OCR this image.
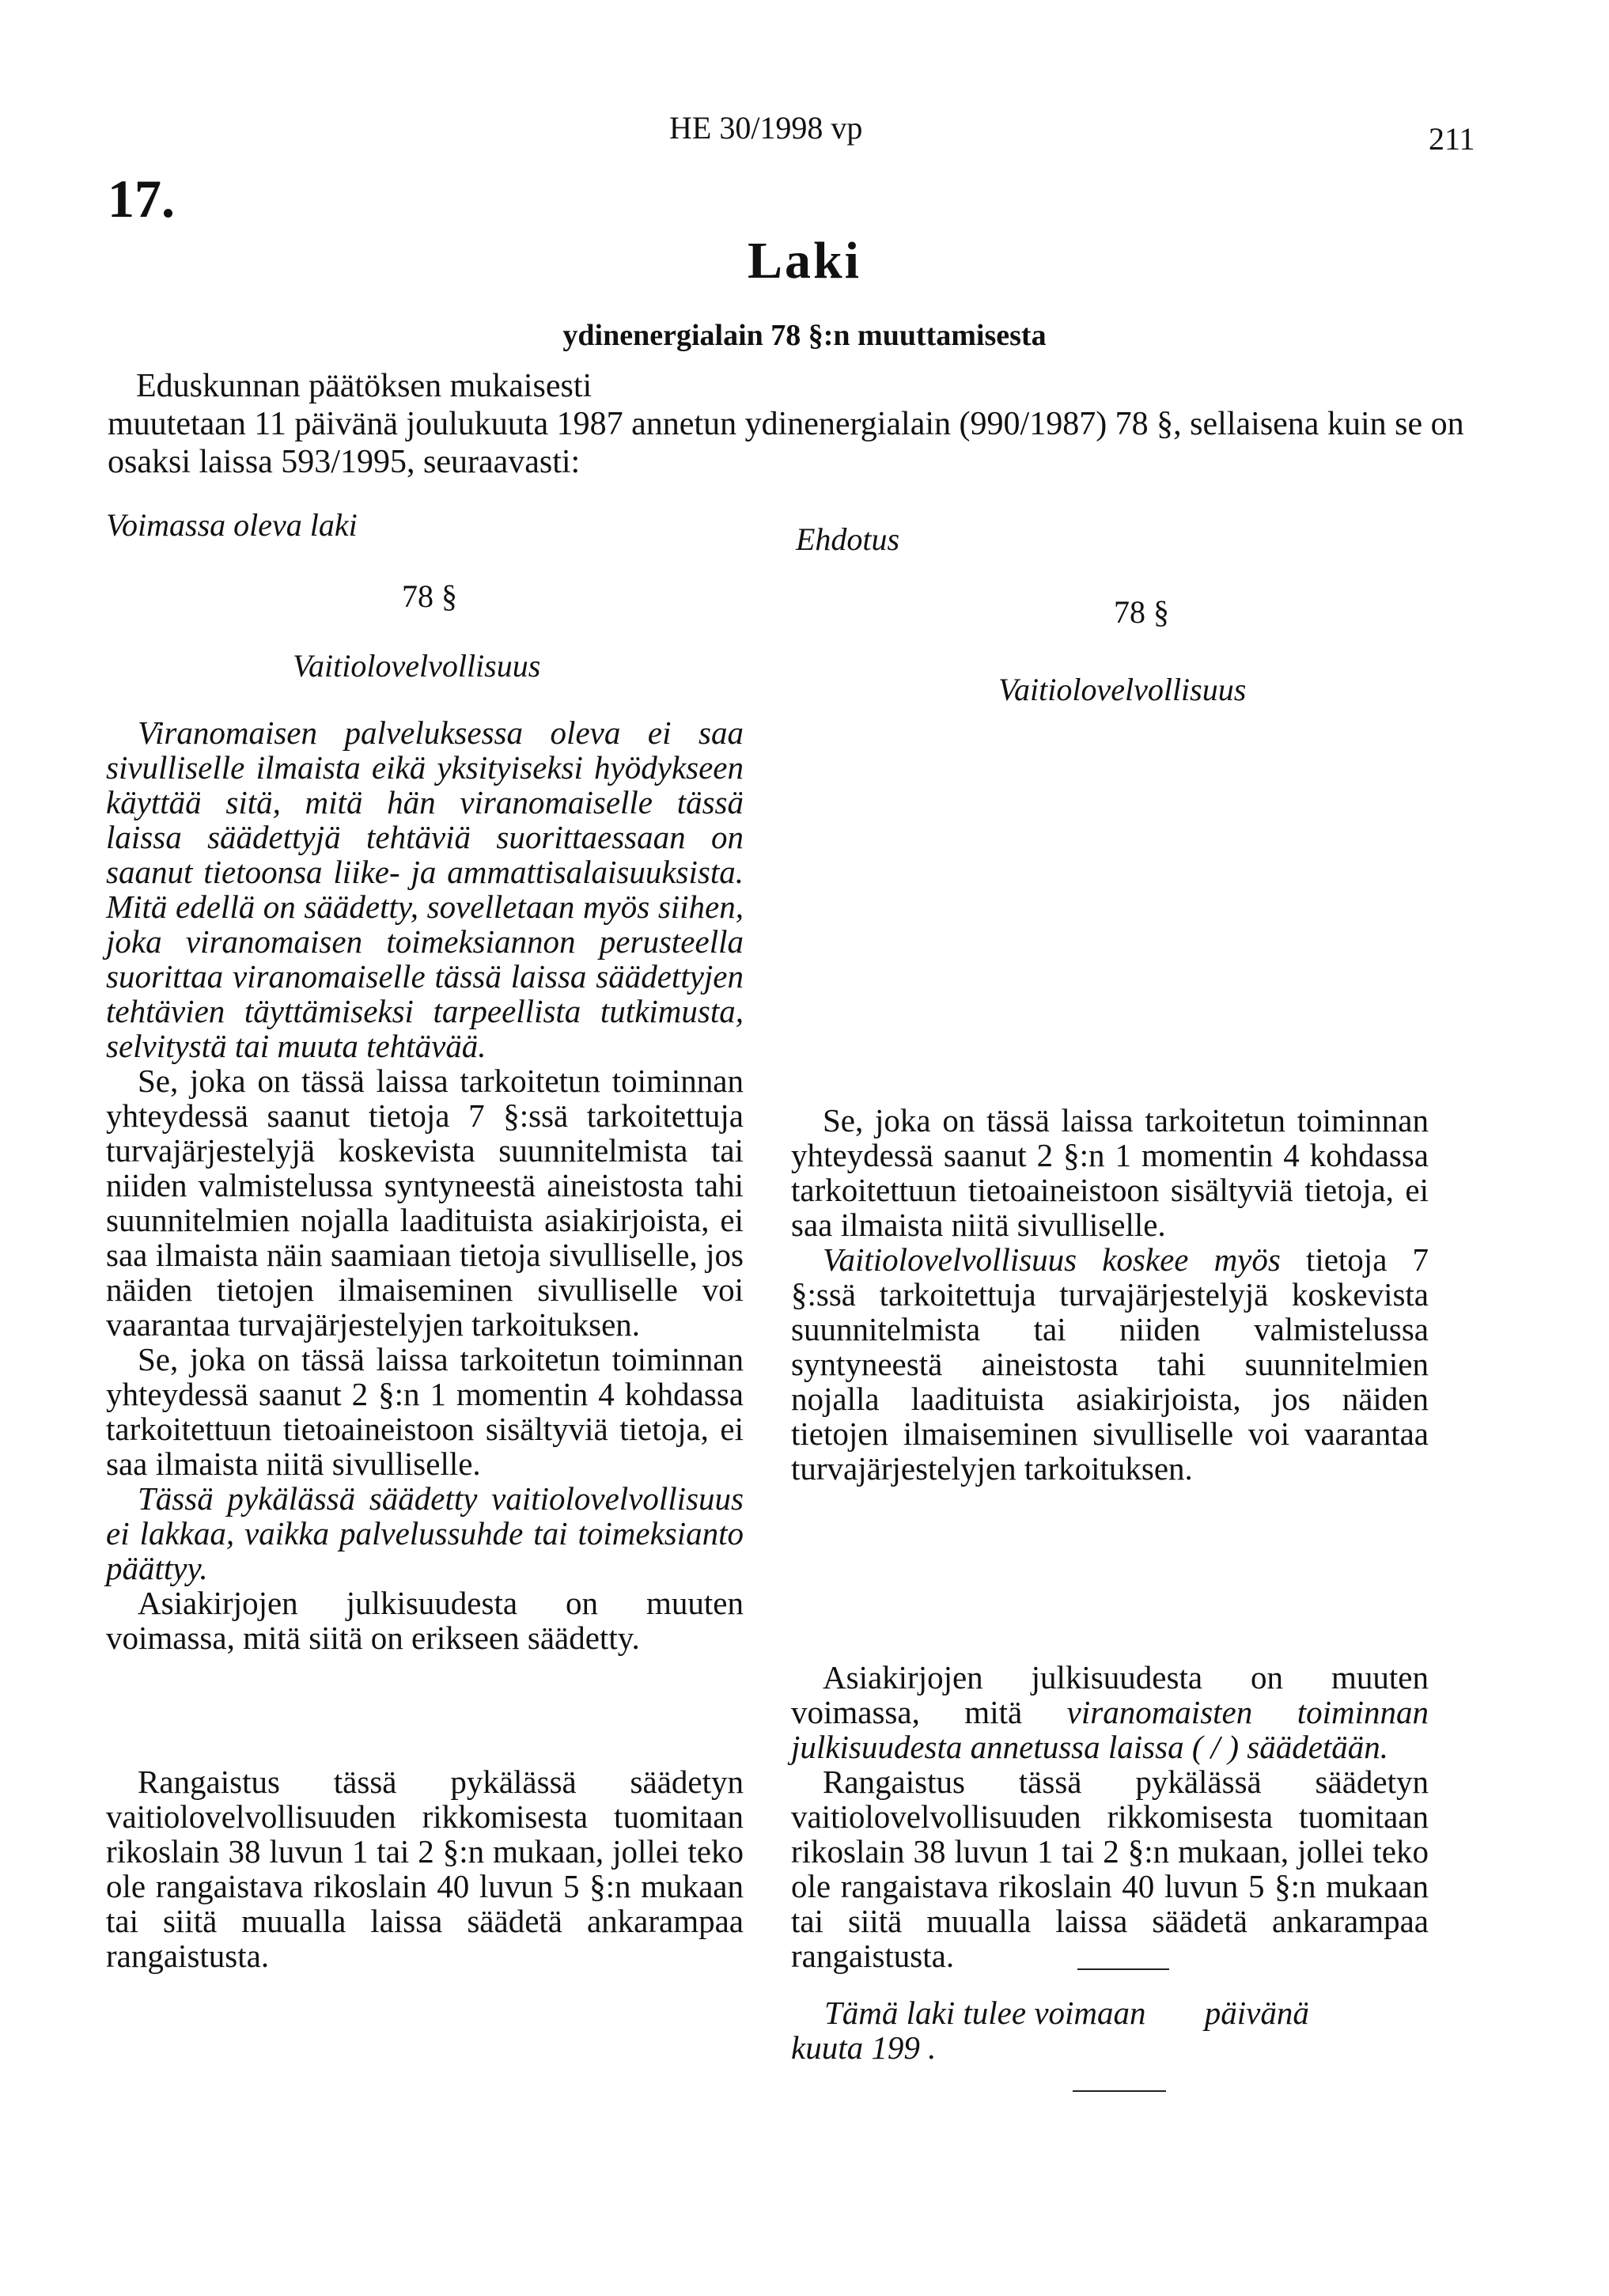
HE 30/1998 vp	211
17.
Laki
ydinenergialain 78 §:n muuttamisesta
Eduskunnan päätöksen mukaisesti
muutetaan 11 päivänä joulukuuta 1987 annetun ydinenergialain (990/1987) 78 §, sellaisena kuin se on osaksi laissa 593/1995, seuraavasti:
Voimassa oleva laki	Ehdotus
78 §
Vaitiolovelvollisuus

Viranomaisen palveluksessa oleva ei saa sivulliselle ilmaista eikä yksityiseksi hyödykseen käyttää sitä, mitä hän viranomaiselle tässä laissa säädettyjä tehtäviä suorittaessaan on saanut tietoonsa liike- ja ammattisalaisuuksista. Mitä edellä on säädetty, sovelletaan myös siihen, joka viranomaisen toimeksiannon perusteella suorittaa viranomaiselle tässä laissa säädettyjen tehtävien täyttämiseksi tarpeellista tutkimusta, selvitystä tai muuta tehtävää.

Se, joka on tässä laissa tarkoitetun toiminnan yhteydessä saanut tietoja 7 §:ssä tarkoitettuja turvajärjestelyjä koskevista suunnitelmista tai niiden valmistelussa syntyneestä aineistosta tahi suunnitelmien nojalla laadituista asiakirjoista, ei saa ilmaista näin saamiaan tietoja sivulliselle, jos näiden tietojen ilmaiseminen sivulliselle voi vaarantaa turvajärjestelyjen tarkoituksen.

Se, joka on tässä laissa tarkoitetun toiminnan yhteydessä saanut 2 §:n 1 momentin 4 kohdassa tarkoitettuun tietoaineistoon sisältyviä tietoja, ei saa ilmaista niitä sivulliselle.

Tässä pykälässä säädetty vaitiolovelvollisuus ei lakkaa, vaikka palvelussuhde tai toimeksianto päättyy.

Asiakirjojen julkisuudesta on muuten voimassa, mitä siitä on erikseen säädetty.

Rangaistus tässä pykälässä säädetyn vaitiolovelvollisuuden rikkomisesta tuomitaan rikoslain 38 luvun 1 tai 2 §:n mukaan, jollei teko ole rangaistava rikoslain 40 luvun 5 §:n mukaan tai siitä muualla laissa säädetä ankarampaa rangaistusta.

78 §
Vaitiolovelvollisuus

Se, joka on tässä laissa tarkoitetun toiminnan yhteydessä saanut 2 §:n 1 momentin 4 kohdassa tarkoitettuun tietoaineistoon sisältyviä tietoja, ei saa ilmaista niitä sivulliselle.

Vaitiolovelvollisuus koskee myös tietoja 7 §:ssä tarkoitettuja turvajärjestelyjä koskevista suunnitelmista tai niiden valmistelussa syntyneestä aineistosta tahi suunnitelmien nojalla laadituista asiakirjoista, jos näiden tietojen ilmaiseminen sivulliselle voi vaarantaa turvajärjestelyjen tarkoituksen.

Asiakirjojen julkisuudesta on muuten voimassa, mitä viranomaisten toiminnan julkisuudesta annetussa laissa ( / ) säädetään.

Rangaistus tässä pykälässä säädetyn vaitiolovelvollisuuden rikkomisesta tuomitaan rikoslain 38 luvun 1 tai 2 §:n mukaan, jollei teko ole rangaistava rikoslain 40 luvun 5 §:n mukaan tai siitä muualla laissa säädetä ankarampaa rangaistusta.

Tämä laki tulee voimaan päivänä
kuuta 199 .
